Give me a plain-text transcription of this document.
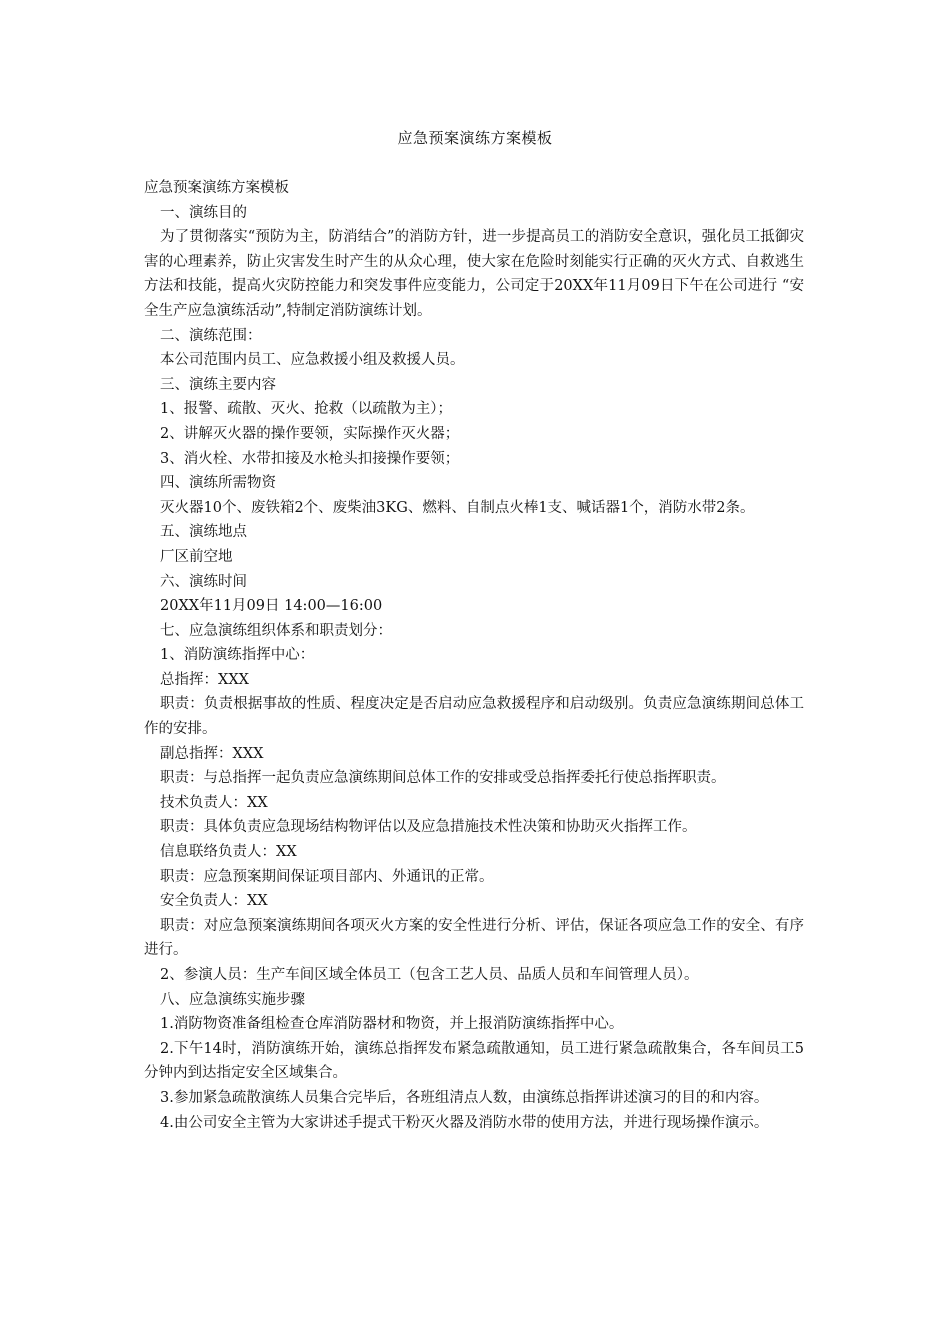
应急预案演练方案模板
应急预案演练方案模板
一、演练目的
为了贯彻落实“预防为主，防消结合”的消防方针，进一步提高员工的消防安全意识，强化员工抵御灾害的心理素养，防止灾害发生时产生的从众心理，使大家在危险时刻能实行正确的灭火方式、自救逃生方法和技能，提高火灾防控能力和突发事件应变能力，公司定于20XX年11月09日下午在公司进行 “安全生产应急演练活动”,特制定消防演练计划。
二、演练范围：
本公司范围内员工、应急救援小组及救援人员。
三、演练主要内容
1、报警、疏散、灭火、抢救（以疏散为主）；
2、讲解灭火器的操作要领，实际操作灭火器；
3、消火栓、水带扣接及水枪头扣接操作要领；
四、演练所需物资
灭火器10个、废铁箱2个、废柴油3KG、燃料、自制点火棒1支、喊话器1个，消防水带2条。
五、演练地点
厂区前空地
六、演练时间
20XX年11月09日 14:00—16:00
七、应急演练组织体系和职责划分：
1、消防演练指挥中心：
总指挥：XXX
职责：负责根据事故的性质、程度决定是否启动应急救援程序和启动级别。负责应急演练期间总体工作的安排。
副总指挥：XXX
职责：与总指挥一起负责应急演练期间总体工作的安排或受总指挥委托行使总指挥职责。
技术负责人：XX
职责：具体负责应急现场结构物评估以及应急措施技术性决策和协助灭火指挥工作。
信息联络负责人：XX
职责：应急预案期间保证项目部内、外通讯的正常。
安全负责人：XX
职责：对应急预案演练期间各项灭火方案的安全性进行分析、评估，保证各项应急工作的安全、有序进行。
2、参演人员：生产车间区域全体员工（包含工艺人员、品质人员和车间管理人员）。
八、应急演练实施步骤
1.消防物资准备组检查仓库消防器材和物资，并上报消防演练指挥中心。
2.下午14时，消防演练开始，演练总指挥发布紧急疏散通知，员工进行紧急疏散集合，各车间员工5分钟内到达指定安全区域集合。
3.参加紧急疏散演练人员集合完毕后，各班组清点人数，由演练总指挥讲述演习的目的和内容。
4.由公司安全主管为大家讲述手提式干粉灭火器及消防水带的使用方法，并进行现场操作演示。
